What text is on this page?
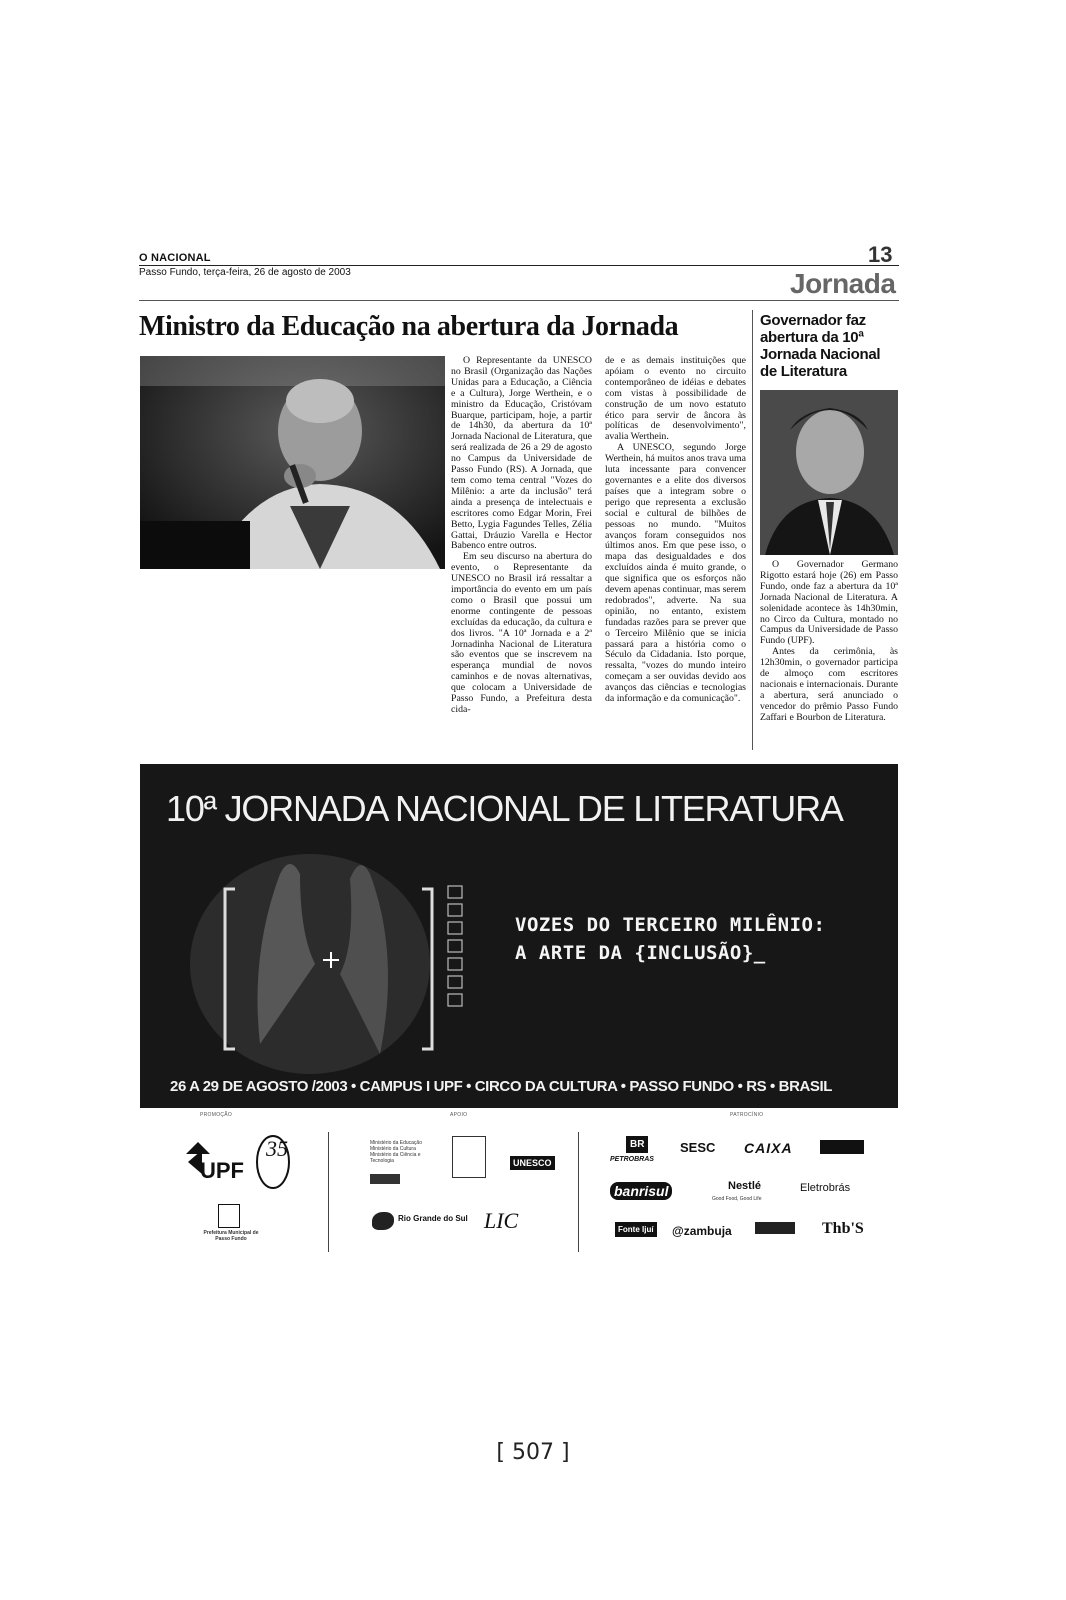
O NACIONAL
Passo Fundo, terça-feira, 26 de agosto de 2003
13
Jornada
Ministro da Educação na abertura da Jornada

O Representante da UNESCO no Brasil (Organização das Nações Unidas para a Educação, a Ciência e a Cultura), Jorge Werthein, e o ministro da Educação, Cristóvam Buarque, participam, hoje, a partir de 14h30, da abertura da 10ª Jornada Nacional de Literatura, que será realizada de 26 a 29 de agosto no Campus da Universidade de Passo Fundo (RS). A Jornada, que tem como tema central "Vozes do Milênio: a arte da inclusão" terá ainda a presença de intelectuais e escritores como Edgar Morin, Frei Betto, Lygia Fagundes Telles, Zélia Gattai, Dráuzio Varella e Hector Babenco entre outros.

Em seu discurso na abertura do evento, o Representante da UNESCO no Brasil irá ressaltar a importância do evento em um país como o Brasil que possui um enorme contingente de pessoas excluídas da educação, da cultura e dos livros. "A 10ª Jornada e a 2ª Jornadinha Nacional de Literatura são eventos que se inscrevem na esperança mundial de novos caminhos e de novas alternativas, que colocam a Universidade de Passo Fundo, a Prefeitura desta cida-

de e as demais instituições que apóiam o evento no circuito contemporâneo de idéias e debates com vistas à possibilidade de construção de um novo estatuto ético para servir de âncora às políticas de desenvolvimento", avalia Werthein.

A UNESCO, segundo Jorge Werthein, há muitos anos trava uma luta incessante para convencer governantes e a elite dos diversos países que a integram sobre o perigo que representa a exclusão social e cultural de bilhões de pessoas no mundo. "Muitos avanços foram conseguidos nos últimos anos. Em que pese isso, o mapa das desigualdades e dos excluídos ainda é muito grande, o que significa que os esforços não devem apenas continuar, mas serem redobrados", adverte. Na sua opinião, no entanto, existem fundadas razões para se prever que o Terceiro Milênio que se inicia passará para a história como o Século da Cidadania. Isto porque, ressalta, "vozes do mundo inteiro começam a ser ouvidas devido aos avanços das ciências e tecnologias da informação e da comunicação".

Governador faz abertura da 10ª Jornada Nacional de Literatura

O Governador Germano Rigotto estará hoje (26) em Passo Fundo, onde faz a abertura da 10ª Jornada Nacional de Literatura. A solenidade acontece às 14h30min, no Circo da Cultura, montado no Campus da Universidade de Passo Fundo (UPF).

Antes da cerimônia, às 12h30min, o governador participa de almoço com escritores nacionais e internacionais. Durante a abertura, será anunciado o vencedor do prêmio Passo Fundo Zaffari e Bourbon de Literatura.

10ª JORNADA NACIONAL DE LITERATURA
VOZES DO TERCEIRO MILÊNIO:
A ARTE DA {INCLUSÃO}_
26 A 29 DE AGOSTO /2003 • CAMPUS I UPF • CIRCO DA CULTURA • PASSO FUNDO • RS • BRASIL
PROMOÇÃO	APOIO	PATROCÍNIO
UPF
35
Prefeitura Municipal de Passo Fundo
Ministério da Educação
Ministério da Cultura
Ministério da Ciência e Tecnologia	UNESCO
Rio Grande do Sul LIC
BR
PETROBRAS
SESC CAIXA
banrisul	Nestlé
Good Food, Good Life
Eletrobrás
Fonte Ijuí @zambuja	Thb'S
[ 507 ]
